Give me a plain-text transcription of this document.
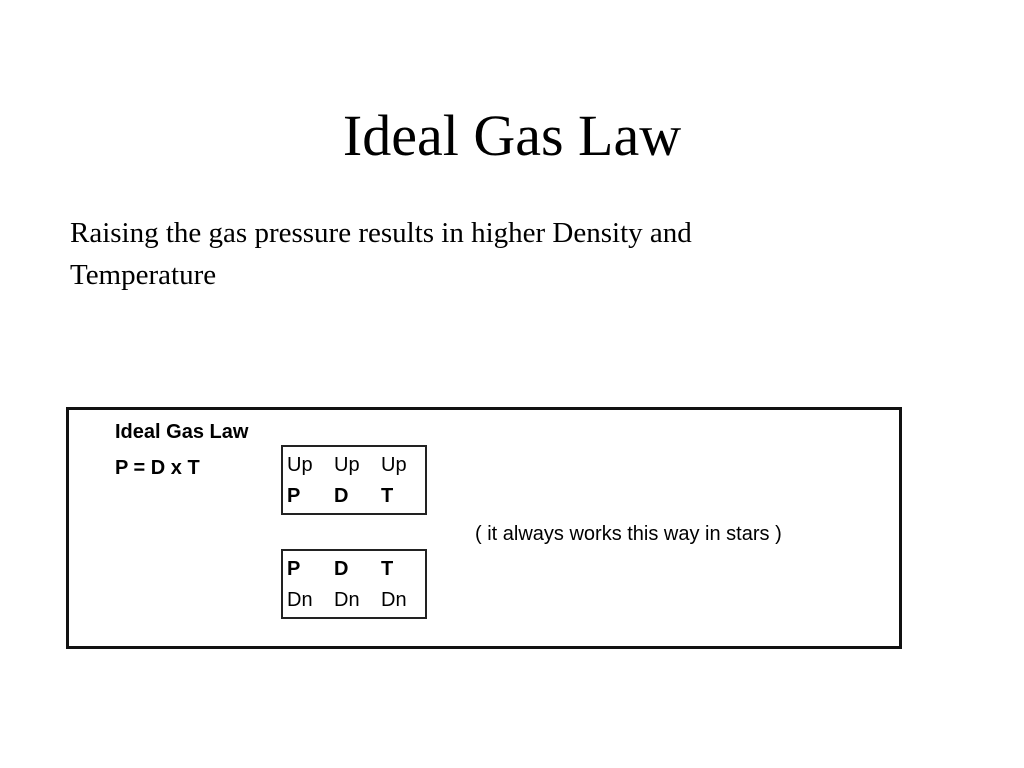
Ideal Gas Law
Raising the gas pressure results in higher Density and Temperature
Ideal Gas Law
P = D x T	Up Up Up
P D T
P D T
Dn Dn Dn
( it always works this way in stars )
